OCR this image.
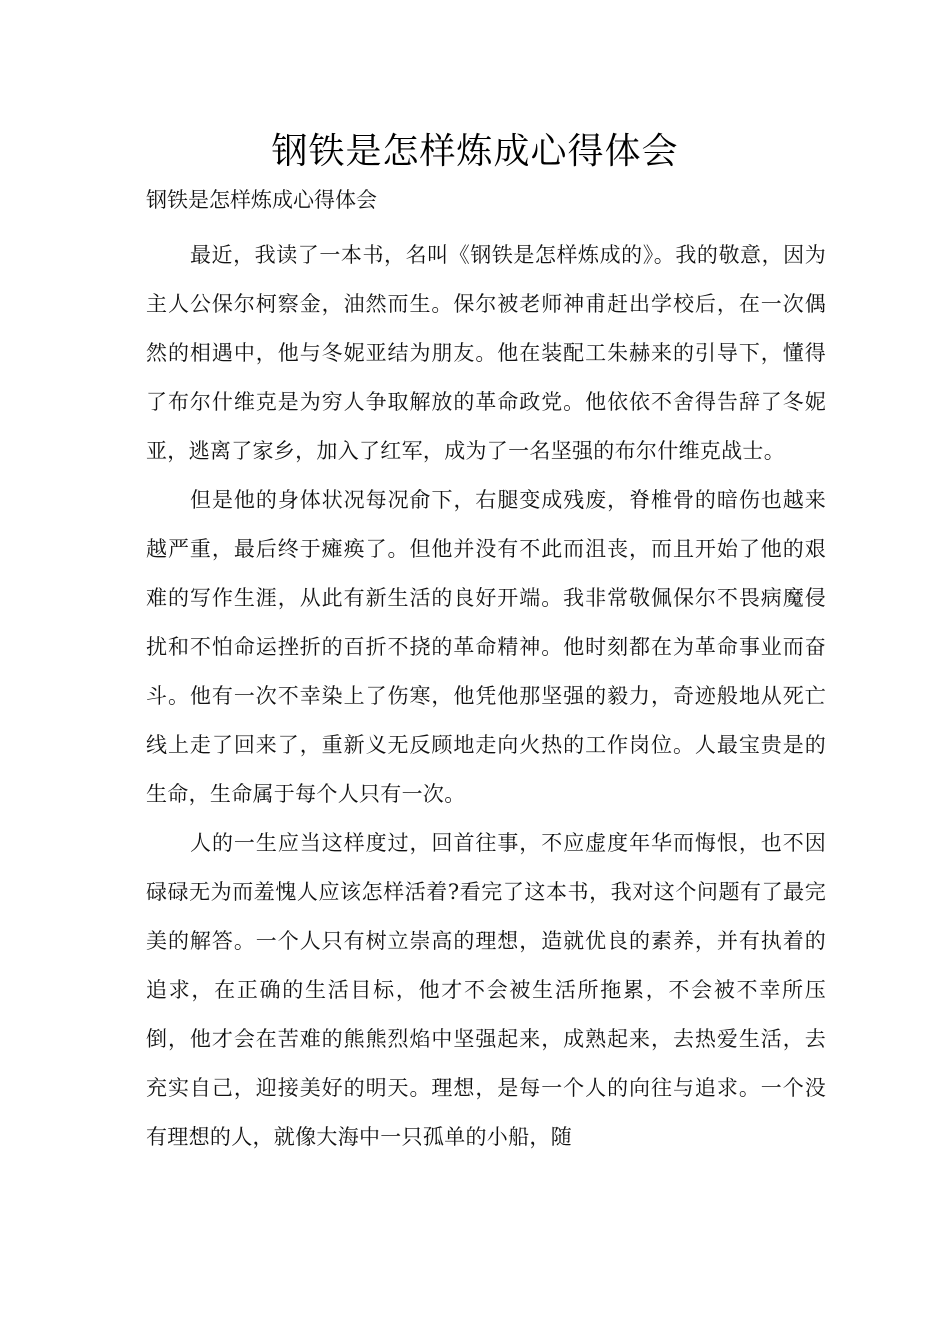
钢铁是怎样炼成心得体会

钢铁是怎样炼成心得体会

最近，我读了一本书，名叫《钢铁是怎样炼成的》。我的敬意，因为主人公保尔柯察金，油然而生。保尔被老师神甫赶出学校后，在一次偶然的相遇中，他与冬妮亚结为朋友。他在装配工朱赫来的引导下，懂得了布尔什维克是为穷人争取解放的革命政党。他依依不舍得告辞了冬妮亚，逃离了家乡，加入了红军，成为了一名坚强的布尔什维克战士。

但是他的身体状况每况俞下，右腿变成残废，脊椎骨的暗伤也越来越严重，最后终于瘫痪了。但他并没有不此而沮丧，而且开始了他的艰难的写作生涯，从此有新生活的良好开端。我非常敬佩保尔不畏病魔侵扰和不怕命运挫折的百折不挠的革命精神。他时刻都在为革命事业而奋斗。他有一次不幸染上了伤寒，他凭他那坚强的毅力，奇迹般地从死亡线上走了回来了，重新义无反顾地走向火热的工作岗位。人最宝贵是的生命，生命属于每个人只有一次。

人的一生应当这样度过，回首往事，不应虚度年华而悔恨，也不因碌碌无为而羞愧人应该怎样活着?看完了这本书，我对这个问题有了最完美的解答。一个人只有树立崇高的理想，造就优良的素养，并有执着的追求，在正确的生活目标，他才不会被生活所拖累，不会被不幸所压倒，他才会在苦难的熊熊烈焰中坚强起来，成熟起来，去热爱生活，去充实自己，迎接美好的明天。理想，是每一个人的向往与追求。一个没有理想的人，就像大海中一只孤单的小船，随
